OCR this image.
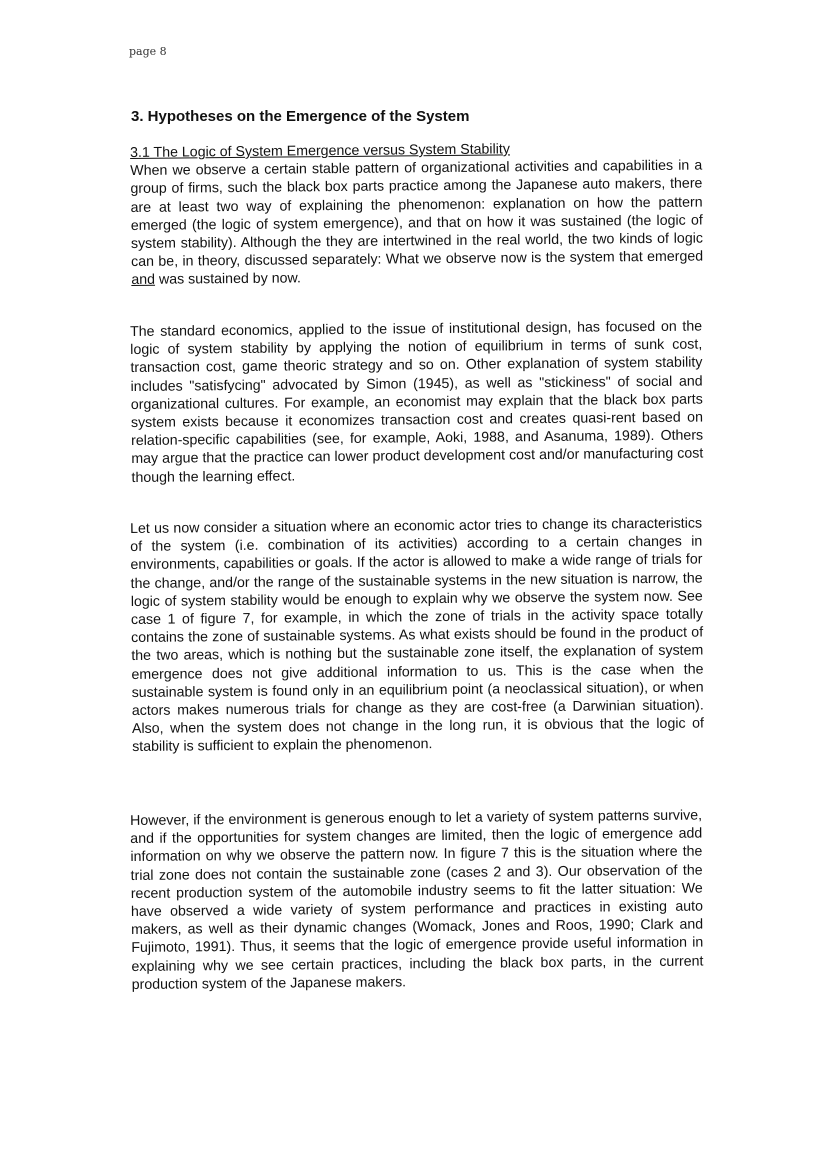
page 8
3. Hypotheses on the Emergence of the System
3.1 The Logic of System Emergence versus System Stability
When we observe a certain stable pattern of organizational activities and capabilities in a group of firms, such the black box parts practice among the Japanese auto makers, there are at least two way of explaining the phenomenon: explanation on how the pattern emerged (the logic of system emergence), and that on how it was sustained (the logic of system stability). Although the they are intertwined in the real world, the two kinds of logic can be, in theory, discussed separately: What we observe now is the system that emerged and was sustained by now.

The standard economics, applied to the issue of institutional design, has focused on the logic of system stability by applying the notion of equilibrium in terms of sunk cost, transaction cost, game theoric strategy and so on. Other explanation of system stability includes "satisfycing" advocated by Simon (1945), as well as "stickiness" of social and organizational cultures. For example, an economist may explain that the black box parts system exists because it economizes transaction cost and creates quasi-rent based on relation-specific capabilities (see, for example, Aoki, 1988, and Asanuma, 1989). Others may argue that the practice can lower product development cost and/or manufacturing cost though the learning effect.

Let us now consider a situation where an economic actor tries to change its characteristics of the system (i.e. combination of its activities) according to a certain changes in environments, capabilities or goals. If the actor is allowed to make a wide range of trials for the change, and/or the range of the sustainable systems in the new situation is narrow, the logic of system stability would be enough to explain why we observe the system now. See case 1 of figure 7, for example, in which the zone of trials in the activity space totally contains the zone of sustainable systems. As what exists should be found in the product of the two areas, which is nothing but the sustainable zone itself, the explanation of system emergence does not give additional information to us. This is the case when the sustainable system is found only in an equilibrium point (a neoclassical situation), or when actors makes numerous trials for change as they are cost-free (a Darwinian situation). Also, when the system does not change in the long run, it is obvious that the logic of stability is sufficient to explain the phenomenon.

However, if the environment is generous enough to let a variety of system patterns survive, and if the opportunities for system changes are limited, then the logic of emergence add information on why we observe the pattern now. In figure 7 this is the situation where the trial zone does not contain the sustainable zone (cases 2 and 3). Our observation of the recent production system of the automobile industry seems to fit the latter situation: We have observed a wide variety of system performance and practices in existing auto makers, as well as their dynamic changes (Womack, Jones and Roos, 1990; Clark and Fujimoto, 1991). Thus, it seems that the logic of emergence provide useful information in explaining why we see certain practices, including the black box parts, in the current production system of the Japanese makers.
